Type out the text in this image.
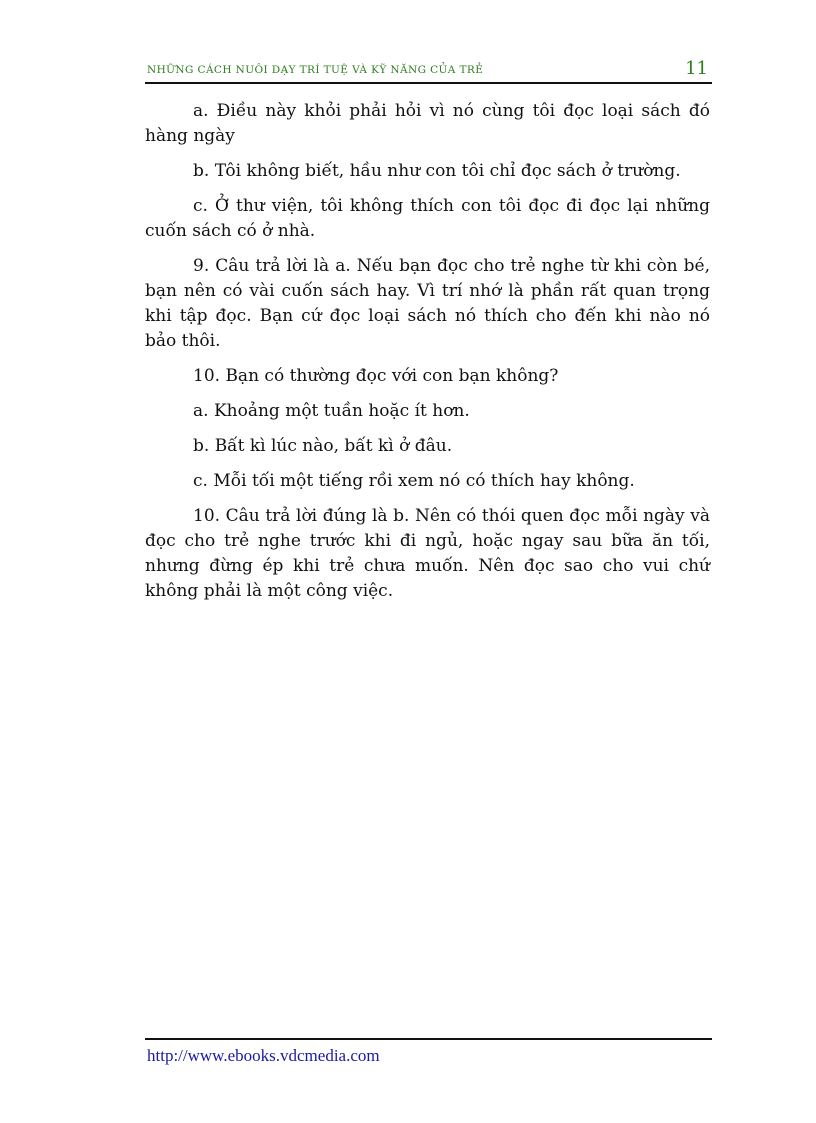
NHỮNG CÁCH NUÔI DẠY TRÍ TUỆ VÀ KỸ NĂNG CỦA TRẺ	11

a. Điều này khỏi phải hỏi vì nó cùng tôi đọc loại sách đó hàng ngày

b. Tôi không biết, hầu như con tôi chỉ đọc sách ở trường.

c. Ở thư viện, tôi không thích con tôi đọc đi đọc lại những cuốn sách có ở nhà.

9. Câu trả lời là a. Nếu bạn đọc cho trẻ nghe từ khi còn bé, bạn nên có vài cuốn sách hay. Vì trí nhớ là phần rất quan trọng khi tập đọc. Bạn cứ đọc loại sách nó thích cho đến khi nào nó bảo thôi.

10. Bạn có thường đọc với con bạn không?

a. Khoảng một tuần hoặc ít hơn.

b. Bất kì lúc nào, bất kì ở đâu.

c. Mỗi tối một tiếng rồi xem nó có thích hay không.

10. Câu trả lời đúng là b. Nên có thói quen đọc mỗi ngày và đọc cho trẻ nghe trước khi đi ngủ, hoặc ngay sau bữa ăn tối, nhưng đừng ép khi trẻ chưa muốn. Nên đọc sao cho vui chứ không phải là một công việc.

http://www.ebooks.vdcmedia.com
